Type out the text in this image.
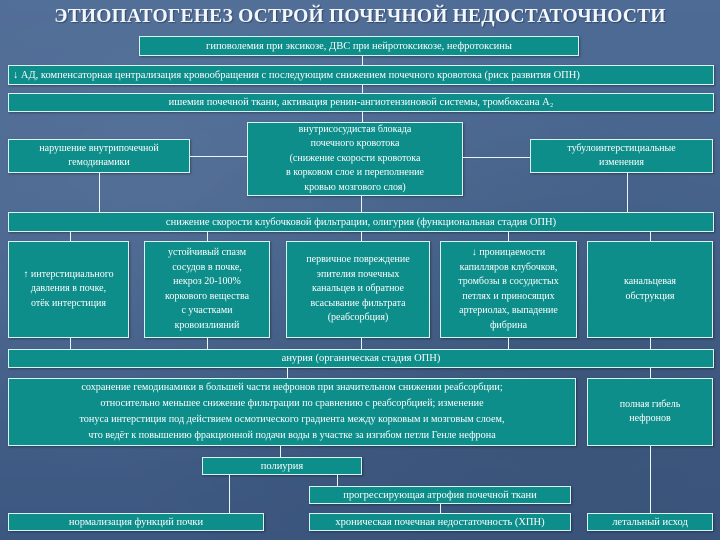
ЭТИОПАТОГЕНЕЗ ОСТРОЙ ПОЧЕЧНОЙ НЕДОСТАТОЧНОСТИ
гиповолемия при эксикозе, ДВС при нейротоксикозе, нефротоксины
↓ АД, компенсаторная централизация кровообращения с последующим снижением почечного кровотока (риск развития ОПН)
ишемия почечной ткани, активация ренин-ангиотензиновой системы, тромбоксана А₂
нарушение внутрипочечной
гемодинамики
внутрисосудистая блокада
почечного кровотока
(снижение скорости кровотока
в корковом слое и переполнение
кровью мозгового слоя)
тубулоинтерстициальные
изменения
снижение скорости клубочковой фильтрации, олигурия (функциональная стадия ОПН)
↑ интерстициального
давления в почке,
отёк интерстиция
устойчивый спазм
сосудов в почке,
некроз 20-100%
коркового вещества
с участками
кровоизлияний
первичное повреждение
эпителия почечных
канальцев и обратное
всасывание фильтрата
(реабсорбция)
↓ проницаемости
капилляров клубочков,
тромбозы в сосудистых
петлях и приносящих
артериолах, выпадение
фибрина
канальцевая
обструкция
анурия (органическая стадия ОПН)
сохранение гемодинамики в большей части нефронов при значительном снижении реабсорбции;
относительно меньшее снижение фильтрации по сравнению с реабсорбцией; изменение
тонуса интерстиция под действием осмотического градиента между корковым и мозговым слоем,
что ведёт к повышению фракционной подачи воды в участке за изгибом петли Генле нефрона
полная гибель
нефронов
полиурия
прогрессирующая атрофия почечной ткани
нормализация функций почки	хроническая почечная недостаточность (ХПН)	летальный исход
